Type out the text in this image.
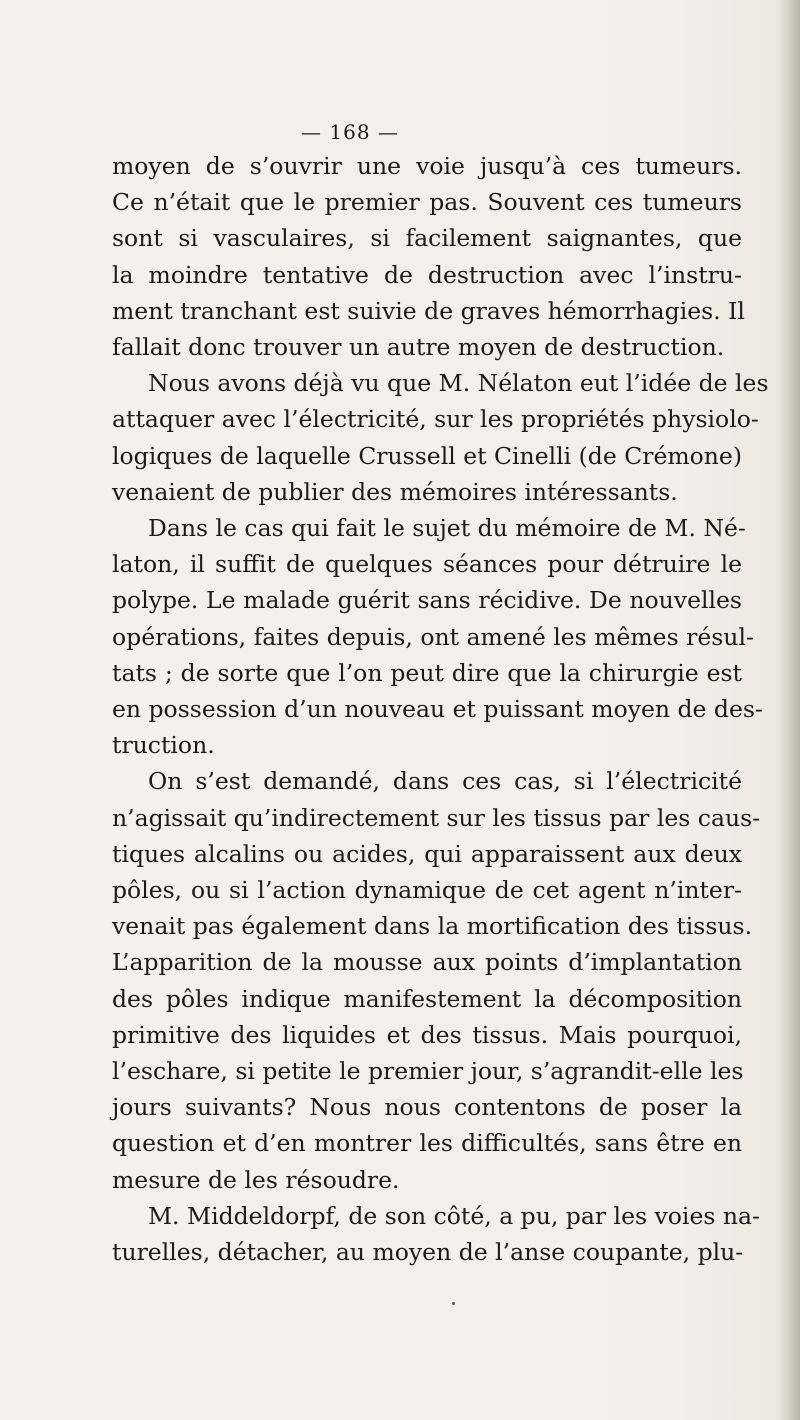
— 168 —
moyen de s’ouvrir une voie jusqu’à ces tumeurs.
Ce n’était que le premier pas. Souvent ces tumeurs
sont si vasculaires, si facilement saignantes, que
la moindre tentative de destruction avec l’instru-
ment tranchant est suivie de graves hémorrhagies. Il
fallait donc trouver un autre moyen de destruction.
Nous avons déjà vu que M. Nélaton eut l’idée de les
attaquer avec l’électricité, sur les propriétés physiolo-
logiques de laquelle Crussell et Cinelli (de Crémone)
venaient de publier des mémoires intéressants.
Dans le cas qui fait le sujet du mémoire de M. Né-
laton, il suffit de quelques séances pour détruire le
polype. Le malade guérit sans récidive. De nouvelles
opérations, faites depuis, ont amené les mêmes résul-
tats ; de sorte que l’on peut dire que la chirurgie est
en possession d’un nouveau et puissant moyen de des-
truction.
On s’est demandé, dans ces cas, si l’électricité
n’agissait qu’indirectement sur les tissus par les caus-
tiques alcalins ou acides, qui apparaissent aux deux
pôles, ou si l’action dynamique de cet agent n’inter-
venait pas également dans la mortification des tissus.
L’apparition de la mousse aux points d’implantation
des pôles indique manifestement la décomposition
primitive des liquides et des tissus. Mais pourquoi,
l’eschare, si petite le premier jour, s’agrandit-elle les
jours suivants? Nous nous contentons de poser la
question et d’en montrer les difficultés, sans être en
mesure de les résoudre.
M. Middeldorpf, de son côté, a pu, par les voies na-
turelles, détacher, au moyen de l’anse coupante, plu-
